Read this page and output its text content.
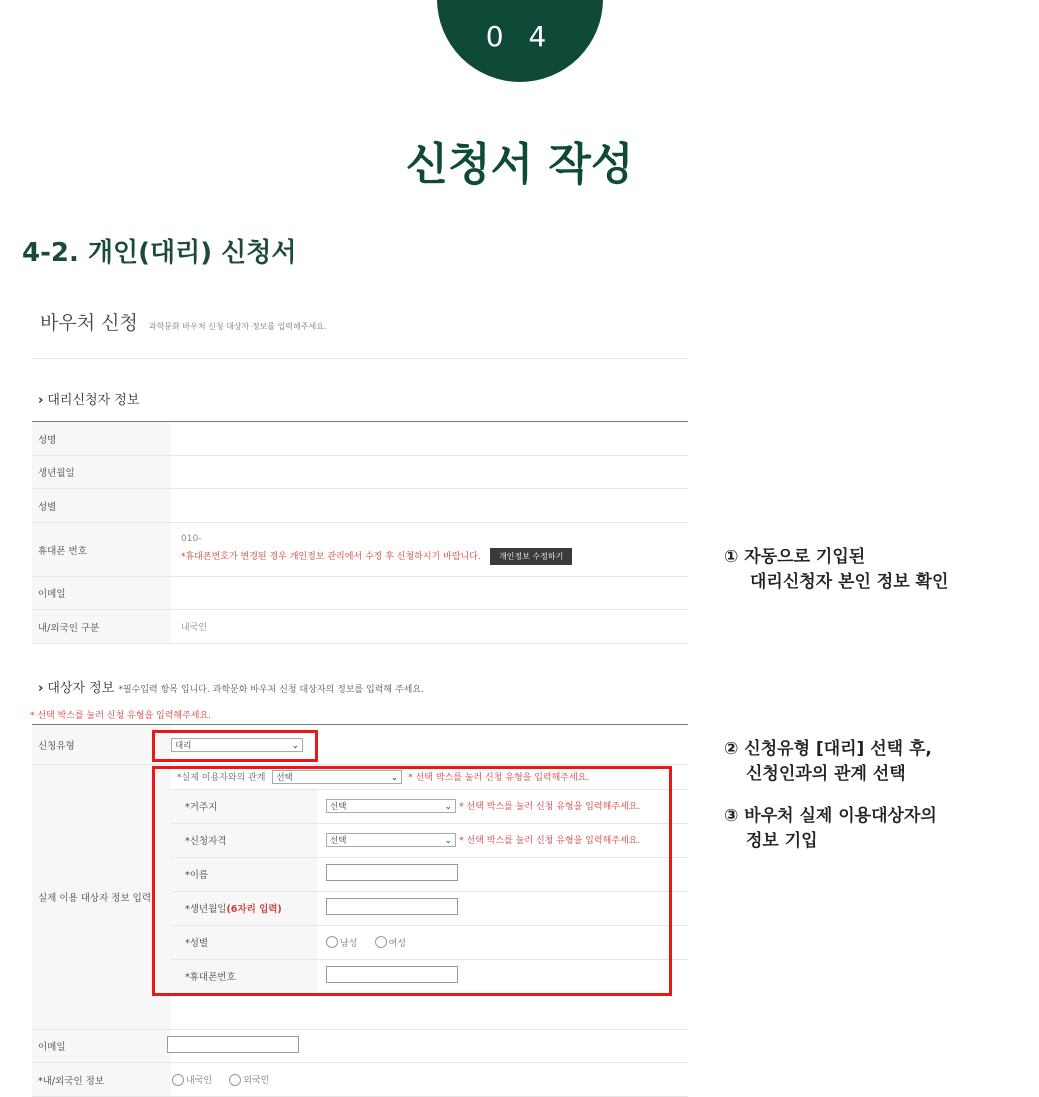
0 4
신청서 작성
4-2. 개인(대리) 신청서
바우처 신청 과학문화 바우처 신청 대상자 정보를 입력해주세요.
› 대리신청자 정보
성명	
생년월일	
성별	
휴대폰 번호	010-
*휴대폰번호가 변경된 경우 개인정보 관리에서 수정 후 신청하시기 바랍니다. 개인정보 수정하기

이메일	
내/외국인 구분	내국인
› 대상자 정보 *필수입력 항목 입니다. 과학문화 바우처 신청 대상자의 정보를 입력해 주세요.
* 선택 박스를 눌러 신청 유형을 입력해주세요.
신청유형	대리	⌄

실제 이용 대상자 정보 입력	
*실제 이용자와의 관계 선택	⌄ * 선택 박스를 눌러 신청 유형을 입력해주세요.
*거주지	선택	⌄ * 선택 박스를 눌러 신청 유형을 입력해주세요.
*신청자격	선택	⌄ * 선택 박스를 눌러 신청 유형을 입력해주세요.
*이름	
*생년월일(6자리 입력)	
*성별	남성	여성
*휴대폰번호	

이메일	
*내/외국인 정보	내국인	외국인
① 자동으로 기입된
대리신청자 본인 정보 확인
② 신청유형 [대리] 선택 후,
신청인과의 관계 선택
③ 바우처 실제 이용대상자의
정보 기입
